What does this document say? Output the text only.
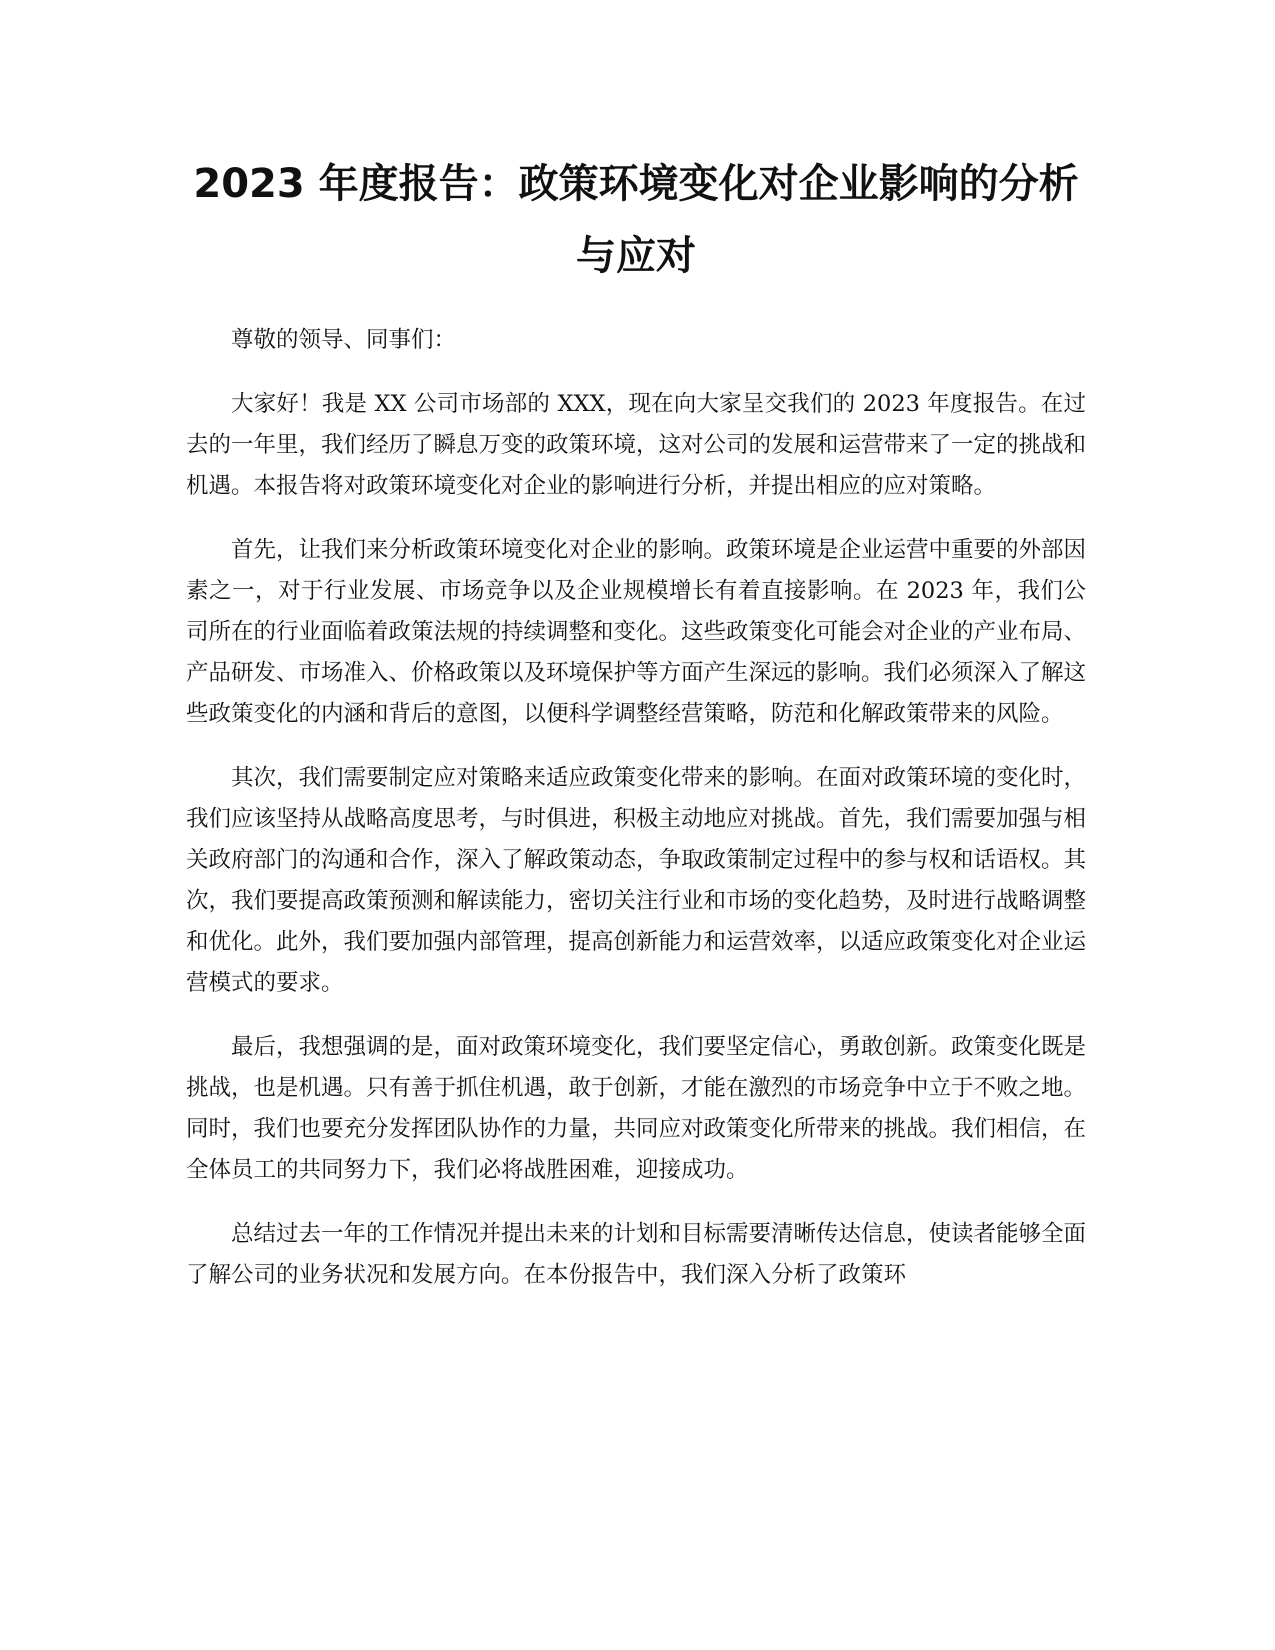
2023 年度报告：政策环境变化对企业影响的分析与应对

尊敬的领导、同事们：

大家好！我是 XX 公司市场部的 XXX，现在向大家呈交我们的 2023 年度报告。在过去的一年里，我们经历了瞬息万变的政策环境，这对公司的发展和运营带来了一定的挑战和机遇。本报告将对政策环境变化对企业的影响进行分析，并提出相应的应对策略。

首先，让我们来分析政策环境变化对企业的影响。政策环境是企业运营中重要的外部因素之一，对于行业发展、市场竞争以及企业规模增长有着直接影响。在 2023 年，我们公司所在的行业面临着政策法规的持续调整和变化。这些政策变化可能会对企业的产业布局、产品研发、市场准入、价格政策以及环境保护等方面产生深远的影响。我们必须深入了解这些政策变化的内涵和背后的意图，以便科学调整经营策略，防范和化解政策带来的风险。

其次，我们需要制定应对策略来适应政策变化带来的影响。在面对政策环境的变化时，我们应该坚持从战略高度思考，与时俱进，积极主动地应对挑战。首先，我们需要加强与相关政府部门的沟通和合作，深入了解政策动态，争取政策制定过程中的参与权和话语权。其次，我们要提高政策预测和解读能力，密切关注行业和市场的变化趋势，及时进行战略调整和优化。此外，我们要加强内部管理，提高创新能力和运营效率，以适应政策变化对企业运营模式的要求。

最后，我想强调的是，面对政策环境变化，我们要坚定信心，勇敢创新。政策变化既是挑战，也是机遇。只有善于抓住机遇，敢于创新，才能在激烈的市场竞争中立于不败之地。同时，我们也要充分发挥团队协作的力量，共同应对政策变化所带来的挑战。我们相信，在全体员工的共同努力下，我们必将战胜困难，迎接成功。

总结过去一年的工作情况并提出未来的计划和目标需要清晰传达信息，使读者能够全面了解公司的业务状况和发展方向。在本份报告中，我们深入分析了政策环
